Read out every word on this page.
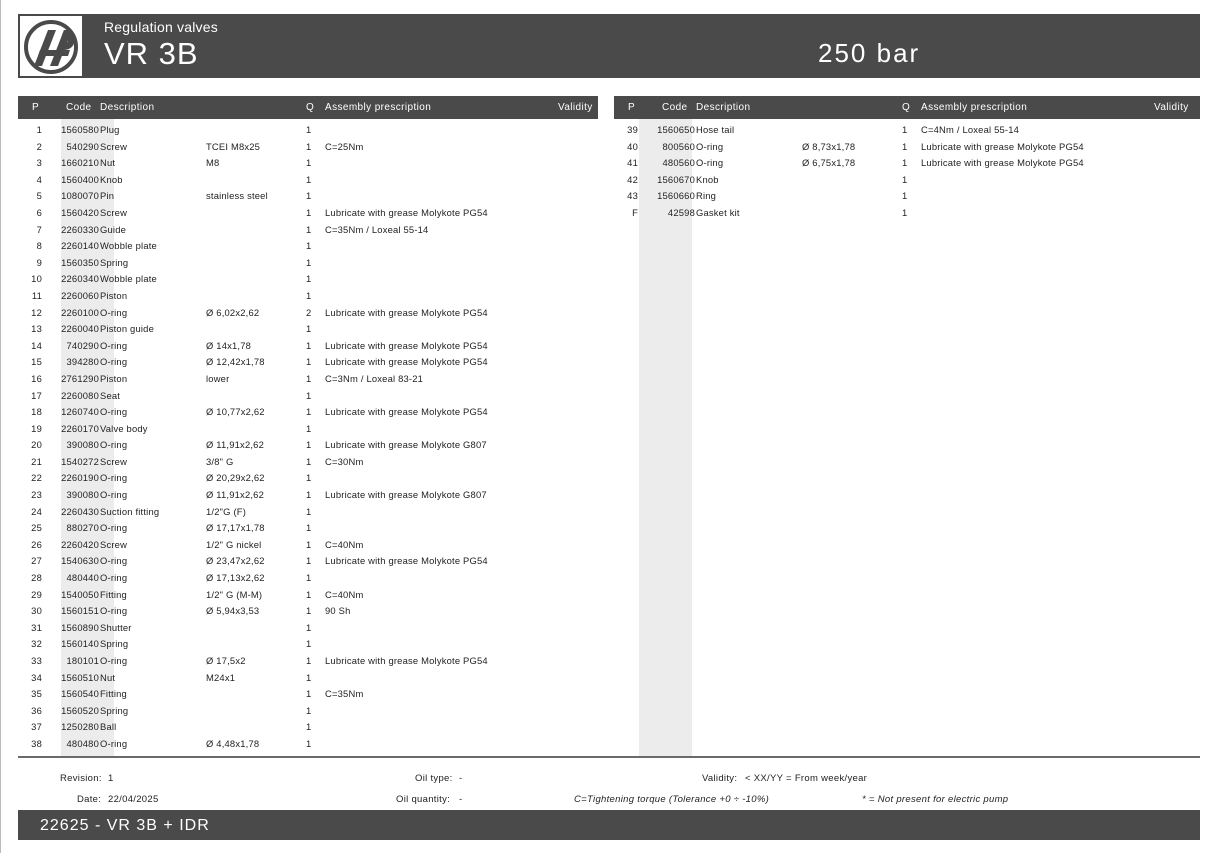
Regulation valves
VR 3B	250 bar
P	Code Description	Q Assembly prescription	Validity
1	1560580 Plug	1
2	540290 Screw	TCEI M8x25	1 C=25Nm
3	1660210 Nut	M8	1
4	1560400 Knob	1
5	1080070 Pin	stainless steel	1
6	1560420 Screw	1 Lubricate with grease Molykote PG54
7	2260330 Guide	1 C=35Nm / Loxeal 55-14
8	2260140 Wobble plate	1
9	1560350 Spring	1
10	2260340 Wobble plate	1
11	2260060 Piston	1
12	2260100 O-ring	Ø 6,02x2,62	2 Lubricate with grease Molykote PG54
13	2260040 Piston guide	1
14	740290 O-ring	Ø 14x1,78	1 Lubricate with grease Molykote PG54
15	394280 O-ring	Ø 12,42x1,78	1 Lubricate with grease Molykote PG54
16	2761290 Piston	lower	1 C=3Nm / Loxeal 83-21
17	2260080 Seat	1
18	1260740 O-ring	Ø 10,77x2,62	1 Lubricate with grease Molykote PG54
19	2260170 Valve body	1
20	390080 O-ring	Ø 11,91x2,62	1 Lubricate with grease Molykote G807
21	1540272 Screw	3/8" G	1 C=30Nm
22	2260190 O-ring	Ø 20,29x2,62	1
23	390080 O-ring	Ø 11,91x2,62	1 Lubricate with grease Molykote G807
24	2260430 Suction fitting	1/2"G (F)	1
25	880270 O-ring	Ø 17,17x1,78	1
26	2260420 Screw	1/2" G nickel	1 C=40Nm
27	1540630 O-ring	Ø 23,47x2,62	1 Lubricate with grease Molykote PG54
28	480440 O-ring	Ø 17,13x2,62	1
29	1540050 Fitting	1/2" G (M-M)	1 C=40Nm
30	1560151 O-ring	Ø 5,94x3,53	1 90 Sh
31	1560890 Shutter	1
32	1560140 Spring	1
33	180101 O-ring	Ø 17,5x2	1 Lubricate with grease Molykote PG54
34	1560510 Nut	M24x1	1
35	1560540 Fitting	1 C=35Nm
36	1560520 Spring	1
37	1250280 Ball	1
38	480480 O-ring	Ø 4,48x1,78	1
P	Code Description	Q Assembly prescription	Validity
39	1560650 Hose tail	1 C=4Nm / Loxeal 55-14
40	800560 O-ring	Ø 8,73x1,78	1 Lubricate with grease Molykote PG54
41	480560 O-ring	Ø 6,75x1,78	1 Lubricate with grease Molykote PG54
42	1560670 Knob	1
43	1560660 Ring	1
F	42598 Gasket kit	1
Revision: 1
Date: 22/04/2025
Oil type: -
Oil quantity: -
Validity: < XX/YY = From week/year
C=Tightening torque (Tolerance +0 ÷ -10%)	* = Not present for electric pump
22625 - VR 3B + IDR
